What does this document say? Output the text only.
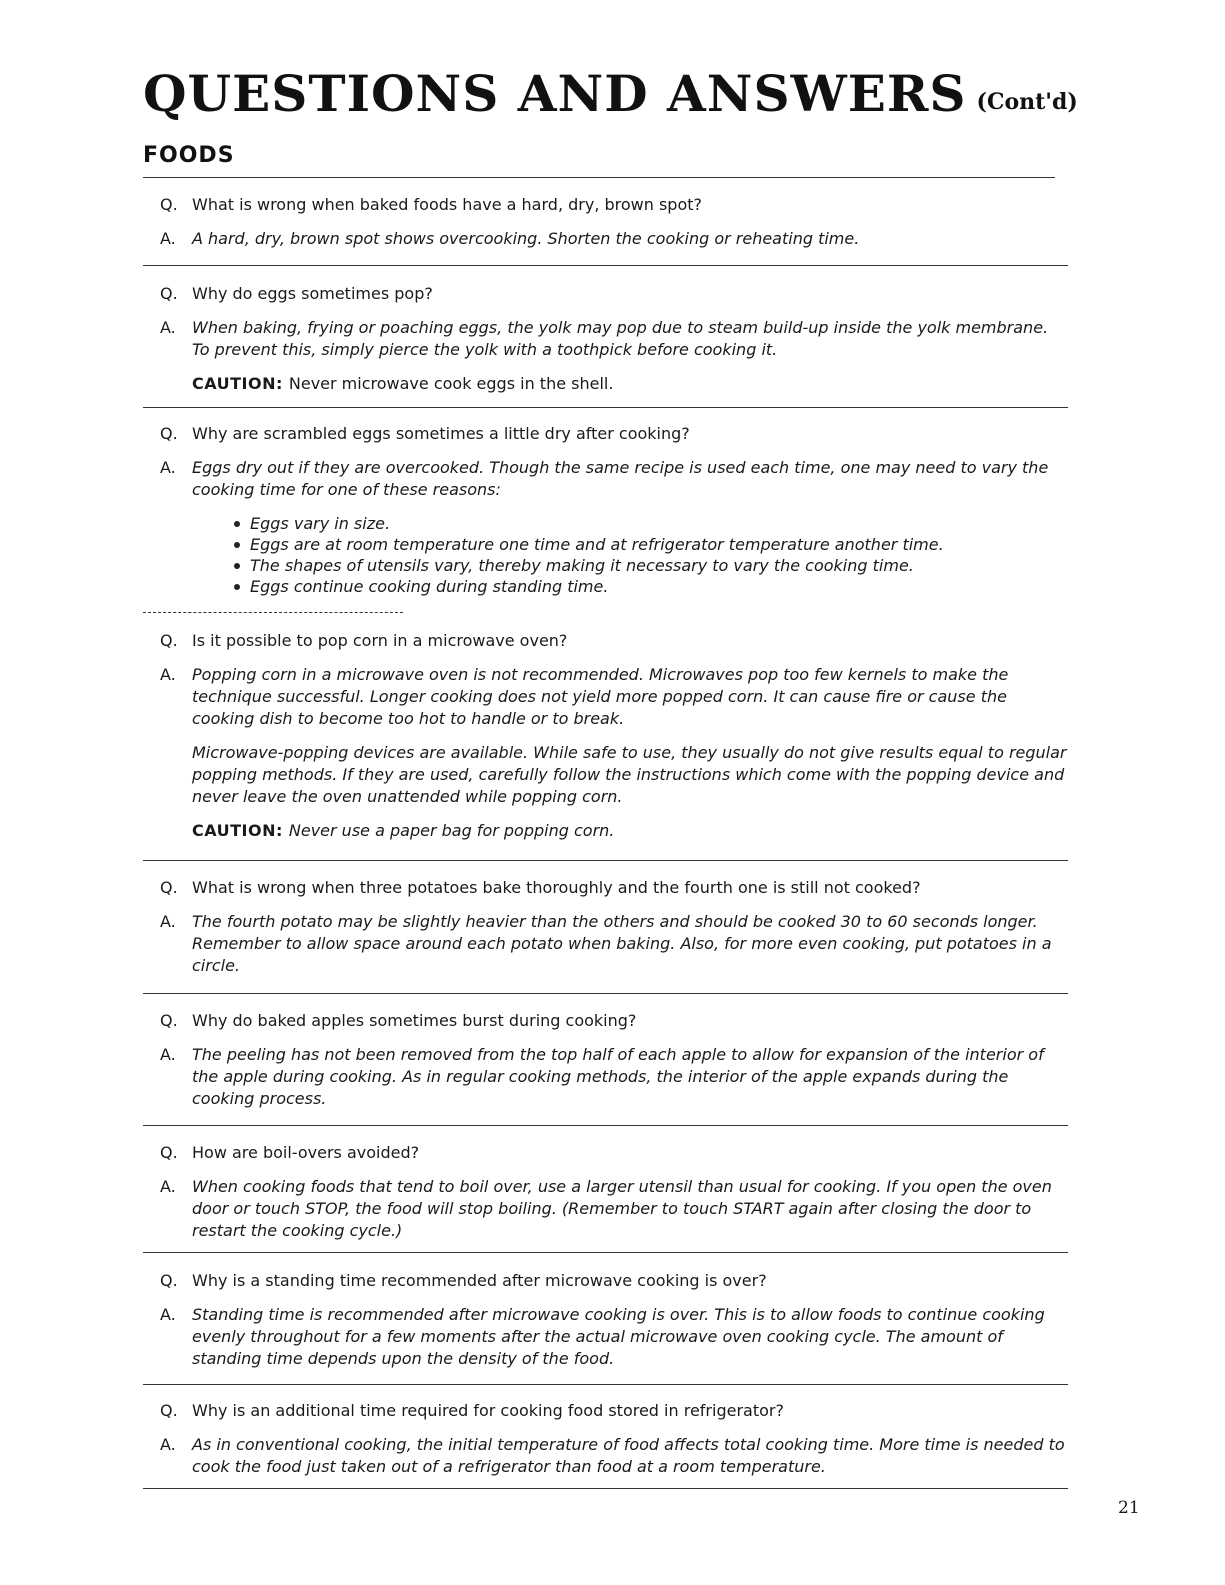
QUESTIONS AND ANSWERS (Cont'd)
FOODS
Q. What is wrong when baked foods have a hard, dry, brown spot?
A.	A hard, dry, brown spot shows overcooking. Shorten the cooking or reheating time.
Q. Why do eggs sometimes pop?
A.	When baking, frying or poaching eggs, the yolk may pop due to steam build-up inside the yolk membrane. To prevent this, simply pierce the yolk with a toothpick before cooking it.
CAUTION: Never microwave cook eggs in the shell.
Q. Why are scrambled eggs sometimes a little dry after cooking?
A.	Eggs dry out if they are overcooked. Though the same recipe is used each time, one may need to vary the cooking time for one of these reasons:
Eggs vary in size.
Eggs are at room temperature one time and at refrigerator temperature another time.
The shapes of utensils vary, thereby making it necessary to vary the cooking time.
Eggs continue cooking during standing time.
Q. Is it possible to pop corn in a microwave oven?
A.	Popping corn in a microwave oven is not recommended. Microwaves pop too few kernels to make the technique successful. Longer cooking does not yield more popped corn. It can cause fire or cause the cooking dish to become too hot to handle or to break.
Microwave-popping devices are available. While safe to use, they usually do not give results equal to regular popping methods. If they are used, carefully follow the instructions which come with the popping device and never leave the oven unattended while popping corn.
CAUTION: Never use a paper bag for popping corn.
Q. What is wrong when three potatoes bake thoroughly and the fourth one is still not cooked?
A.	The fourth potato may be slightly heavier than the others and should be cooked 30 to 60 seconds longer. Remember to allow space around each potato when baking. Also, for more even cooking, put potatoes in a circle.
Q. Why do baked apples sometimes burst during cooking?
A.	The peeling has not been removed from the top half of each apple to allow for expansion of the interior of the apple during cooking. As in regular cooking methods, the interior of the apple expands during the cooking process.
Q. How are boil-overs avoided?
A.	When cooking foods that tend to boil over, use a larger utensil than usual for cooking. If you open the oven door or touch STOP, the food will stop boiling. (Remember to touch START again after closing the door to restart the cooking cycle.)
Q. Why is a standing time recommended after microwave cooking is over?
A.	Standing time is recommended after microwave cooking is over. This is to allow foods to continue cooking evenly throughout for a few moments after the actual microwave oven cooking cycle. The amount of standing time depends upon the density of the food.
Q. Why is an additional time required for cooking food stored in refrigerator?
A.	As in conventional cooking, the initial temperature of food affects total cooking time. More time is needed to cook the food just taken out of a refrigerator than food at a room temperature.
21
